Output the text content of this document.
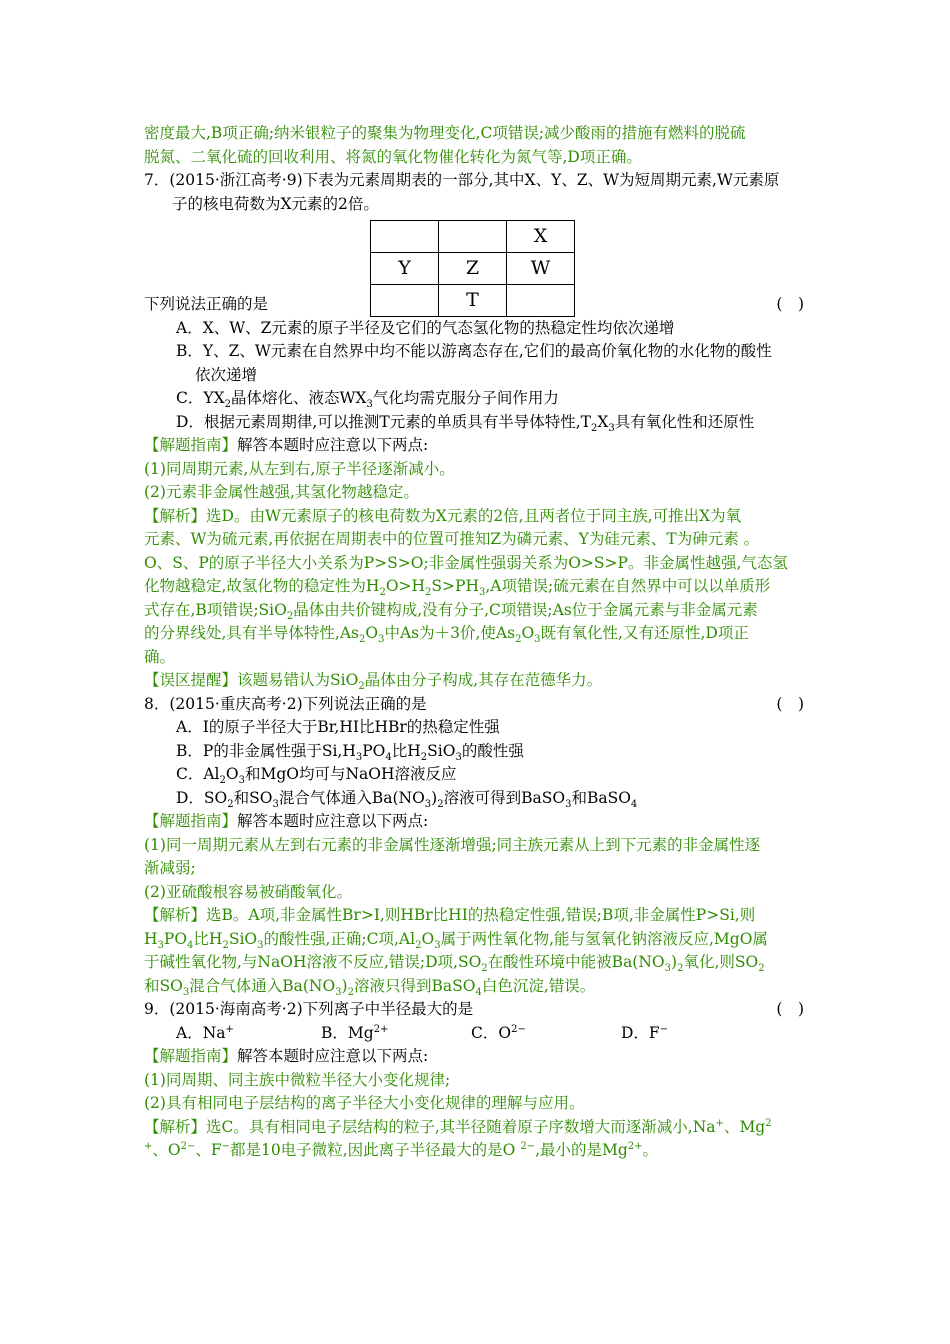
密度最大,B项正确;纳米银粒子的聚集为物理变化,C项错误;减少酸雨的措施有燃料的脱硫
脱氮、二氧化硫的回收利用、将氮的氧化物催化转化为氮气等,D项正确。
7．(2015·浙江高考·9)下表为元素周期表的一部分,其中X、Y、Z、W为短周期元素,W元素原
子的核电荷数为X元素的2倍。
		X
Y	Z	W
	T	
下列说法正确的是	(　)
A．X、W、Z元素的原子半径及它们的气态氢化物的热稳定性均依次递增
B．Y、Z、W元素在自然界中均不能以游离态存在,它们的最高价氧化物的水化物的酸性
依次递增
C．$YX_2$晶体熔化、液态$WX_3$气化均需克服分子间作用力
D．根据元素周期律,可以推测T元素的单质具有半导体特性$,T_2X_3$具有氧化性和还原性
【解题指南】解答本题时应注意以下两点:
(1)同周期元素,从左到右,原子半径逐渐减小。
(2)元素非金属性越强,其氢化物越稳定。
【解析】选D。由W元素原子的核电荷数为X元素的2倍,且两者位于同主族,可推出X为氧
元素、W为硫元素,再依据在周期表中的位置可推知Z为磷元素、Y为硅元素、T为砷元素 。
O、S、P的原子半径大小关系为P>S>O;非金属性强弱关系为O>S>P。非金属性越强,气态氢
化物越稳定,故氢化物的稳定性为$H_2O>H_2S>PH_3,A$项错误;硫元素在自然界中可以以单质形
式存在,B项错误;SiO$_2$晶体由共价键构成,没有分子,C项错误;As位于金属元素与非金属元素
的分界线处,具有半导体特性$,As_2O_3$中As为＋3价,使$As_2O_3$既有氧化性,又有还原性,D项正
确。
【误区提醒】该题易错认为SiO$_2$晶体由分子构成,其存在范德华力。
8．(2015·重庆高考·2)下列说法正确的是	(　)
A．I的原子半径大于Br,HI比HBr的热稳定性强
B．P的非金属性强于$Si,H_3PO_4$比$H_2SiO_3$的酸性强
C．$Al_2O_3$和MgO均可与NaOH溶液反应
D．$SO_2$和$SO_3$混合气体通入$Ba(NO_3)_2$溶液可得到BaSO$_3$和BaSO$_4$
【解题指南】解答本题时应注意以下两点:
(1)同一周期元素从左到右元素的非金属性逐渐增强;同主族元素从上到下元素的非金属性逐
渐减弱;
(2)亚硫酸根容易被硝酸氧化。
【解析】选B。A项,非金属性Br>I,则HBr比HI的热稳定性强,错误;B项,非金属性P>Si,则
$H_3PO_4$比$H_2SiO_3$的酸性强,正确;C项$,Al_2O_3$属于两性氧化物,能与氢氧化钠溶液反应,MgO属
于碱性氧化物,与NaOH溶液不反应,错误;D项$,SO_2$在酸性环境中能被$Ba(NO_3)_2$氧化,则$SO_2$
和$SO_3$混合气体通入$Ba(NO_3)_2$溶液只得到BaSO$_4$白色沉淀,错误。
9．(2015·海南高考·2)下列离子中半径最大的是	(　)
A．Na+	B．$Mg^{2+}$	C．$O^{2-}$	D．F−
【解题指南】解答本题时应注意以下两点:
(1)同周期、同主族中微粒半径大小变化规律;
(2)具有相同电子层结构的离子半径大小变化规律的理解与应用。
【解析】选C。具有相同电子层结构的粒子,其半径随着原子序数增大而逐渐减小,Na+、Mg$^2$
+、$O^{2-}$、F−都是10电子微粒,因此离子半径最大的是O $^{2-}$,最小的是$Mg^{2+}$。
